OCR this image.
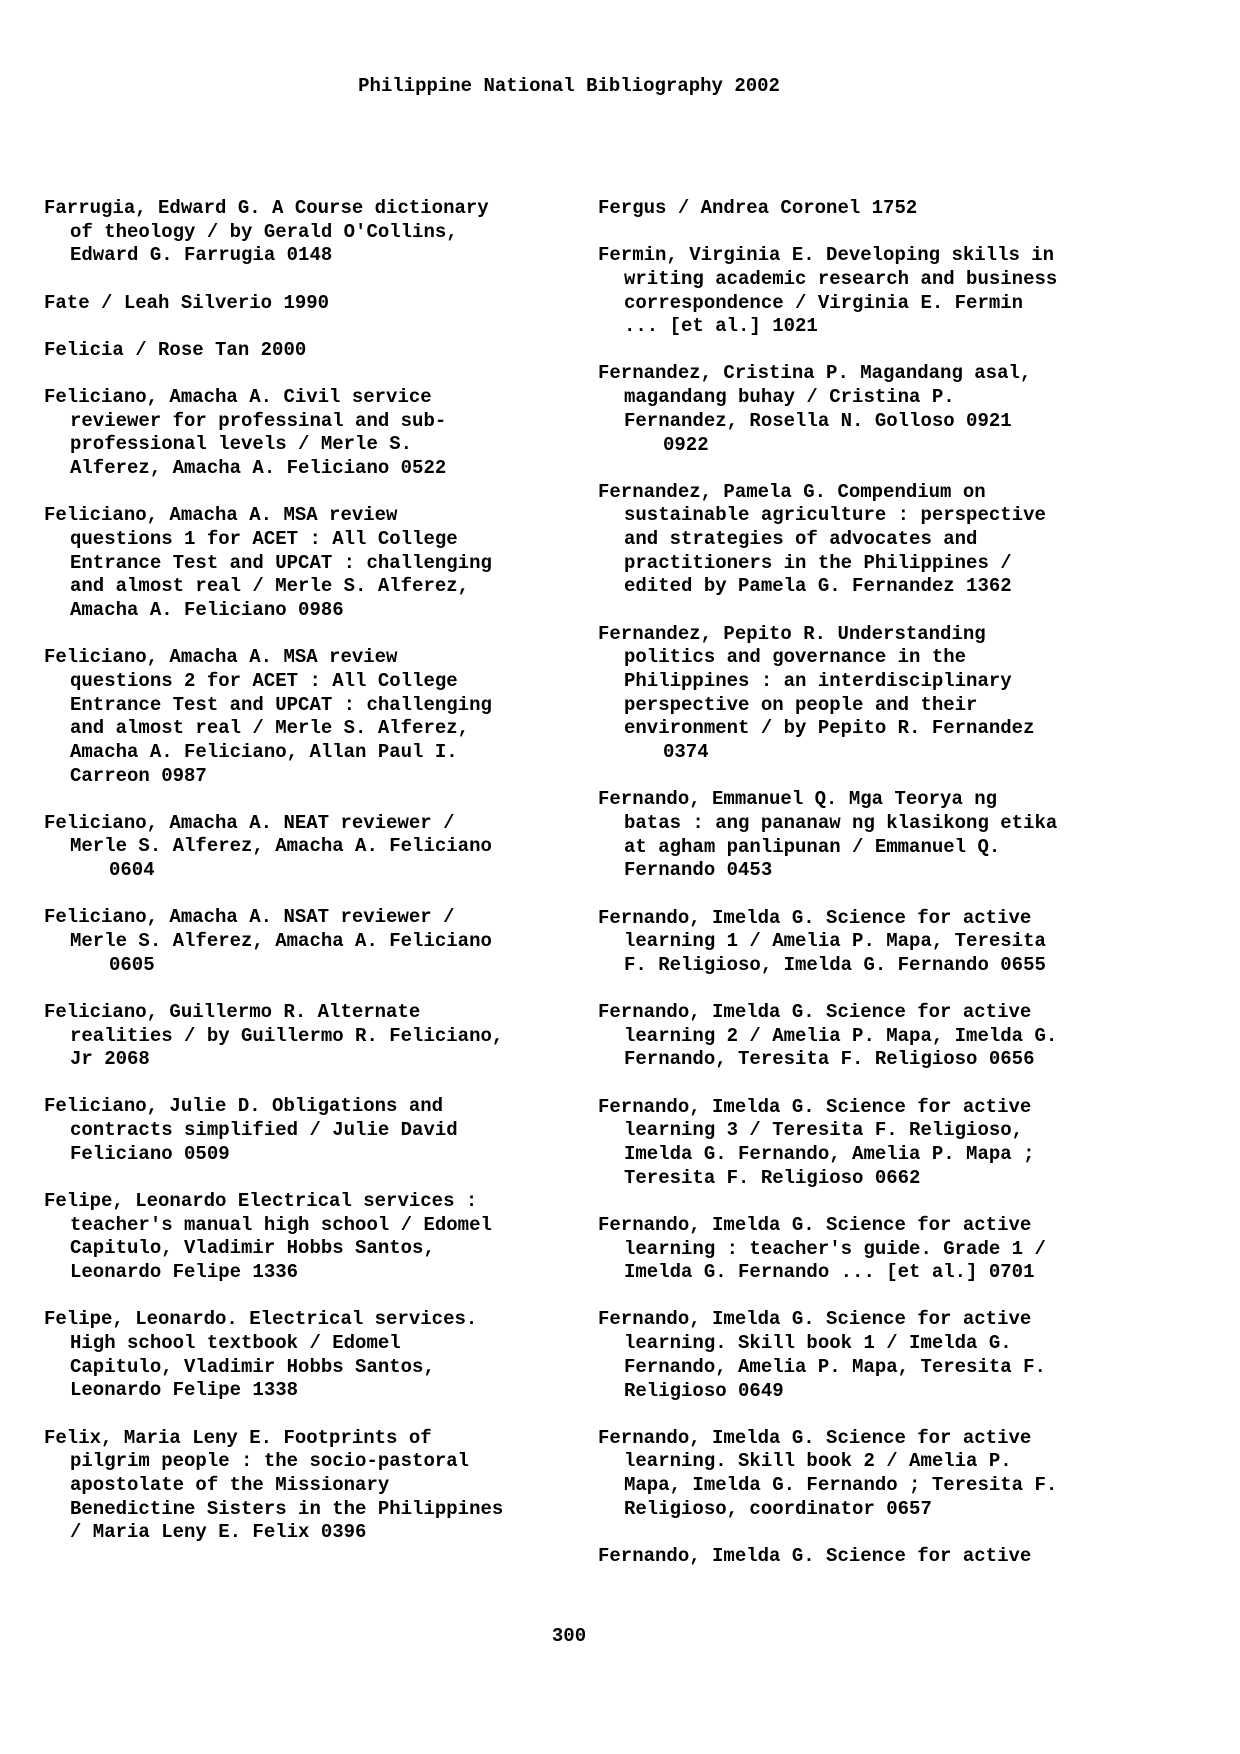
Philippine National Bibliography 2002
Farrugia, Edward G. A Course dictionary
of theology / by Gerald O'Collins,
Edward G. Farrugia 0148
Fate / Leah Silverio 1990
Felicia / Rose Tan 2000
Feliciano, Amacha A. Civil service
reviewer for professinal and sub-
professional levels / Merle S.
Alferez, Amacha A. Feliciano 0522
Feliciano, Amacha A. MSA review
questions 1 for ACET : All College
Entrance Test and UPCAT : challenging
and almost real / Merle S. Alferez,
Amacha A. Feliciano 0986
Feliciano, Amacha A. MSA review
questions 2 for ACET : All College
Entrance Test and UPCAT : challenging
and almost real / Merle S. Alferez,
Amacha A. Feliciano, Allan Paul I.
Carreon 0987
Feliciano, Amacha A. NEAT reviewer /
Merle S. Alferez, Amacha A. Feliciano
0604
Feliciano, Amacha A. NSAT reviewer /
Merle S. Alferez, Amacha A. Feliciano
0605
Feliciano, Guillermo R. Alternate
realities / by Guillermo R. Feliciano,
Jr 2068
Feliciano, Julie D. Obligations and
contracts simplified / Julie David
Feliciano 0509
Felipe, Leonardo Electrical services :
teacher's manual high school / Edomel
Capitulo, Vladimir Hobbs Santos,
Leonardo Felipe 1336
Felipe, Leonardo. Electrical services.
High school textbook / Edomel
Capitulo, Vladimir Hobbs Santos,
Leonardo Felipe 1338
Felix, Maria Leny E. Footprints of
pilgrim people : the socio-pastoral
apostolate of the Missionary
Benedictine Sisters in the Philippines
/ Maria Leny E. Felix 0396
Fergus / Andrea Coronel 1752
Fermin, Virginia E. Developing skills in
writing academic research and business
correspondence / Virginia E. Fermin
... [et al.] 1021
Fernandez, Cristina P. Magandang asal,
magandang buhay / Cristina P.
Fernandez, Rosella N. Golloso 0921
0922
Fernandez, Pamela G. Compendium on
sustainable agriculture : perspective
and strategies of advocates and
practitioners in the Philippines /
edited by Pamela G. Fernandez 1362
Fernandez, Pepito R. Understanding
politics and governance in the
Philippines : an interdisciplinary
perspective on people and their
environment / by Pepito R. Fernandez
0374
Fernando, Emmanuel Q. Mga Teorya ng
batas : ang pananaw ng klasikong etika
at agham panlipunan / Emmanuel Q.
Fernando 0453
Fernando, Imelda G. Science for active
learning 1 / Amelia P. Mapa, Teresita
F. Religioso, Imelda G. Fernando 0655
Fernando, Imelda G. Science for active
learning 2 / Amelia P. Mapa, Imelda G.
Fernando, Teresita F. Religioso 0656
Fernando, Imelda G. Science for active
learning 3 / Teresita F. Religioso,
Imelda G. Fernando, Amelia P. Mapa ;
Teresita F. Religioso 0662
Fernando, Imelda G. Science for active
learning : teacher's guide. Grade 1 /
Imelda G. Fernando ... [et al.] 0701
Fernando, Imelda G. Science for active
learning. Skill book 1 / Imelda G.
Fernando, Amelia P. Mapa, Teresita F.
Religioso 0649
Fernando, Imelda G. Science for active
learning. Skill book 2 / Amelia P.
Mapa, Imelda G. Fernando ; Teresita F.
Religioso, coordinator 0657
Fernando, Imelda G. Science for active
300
